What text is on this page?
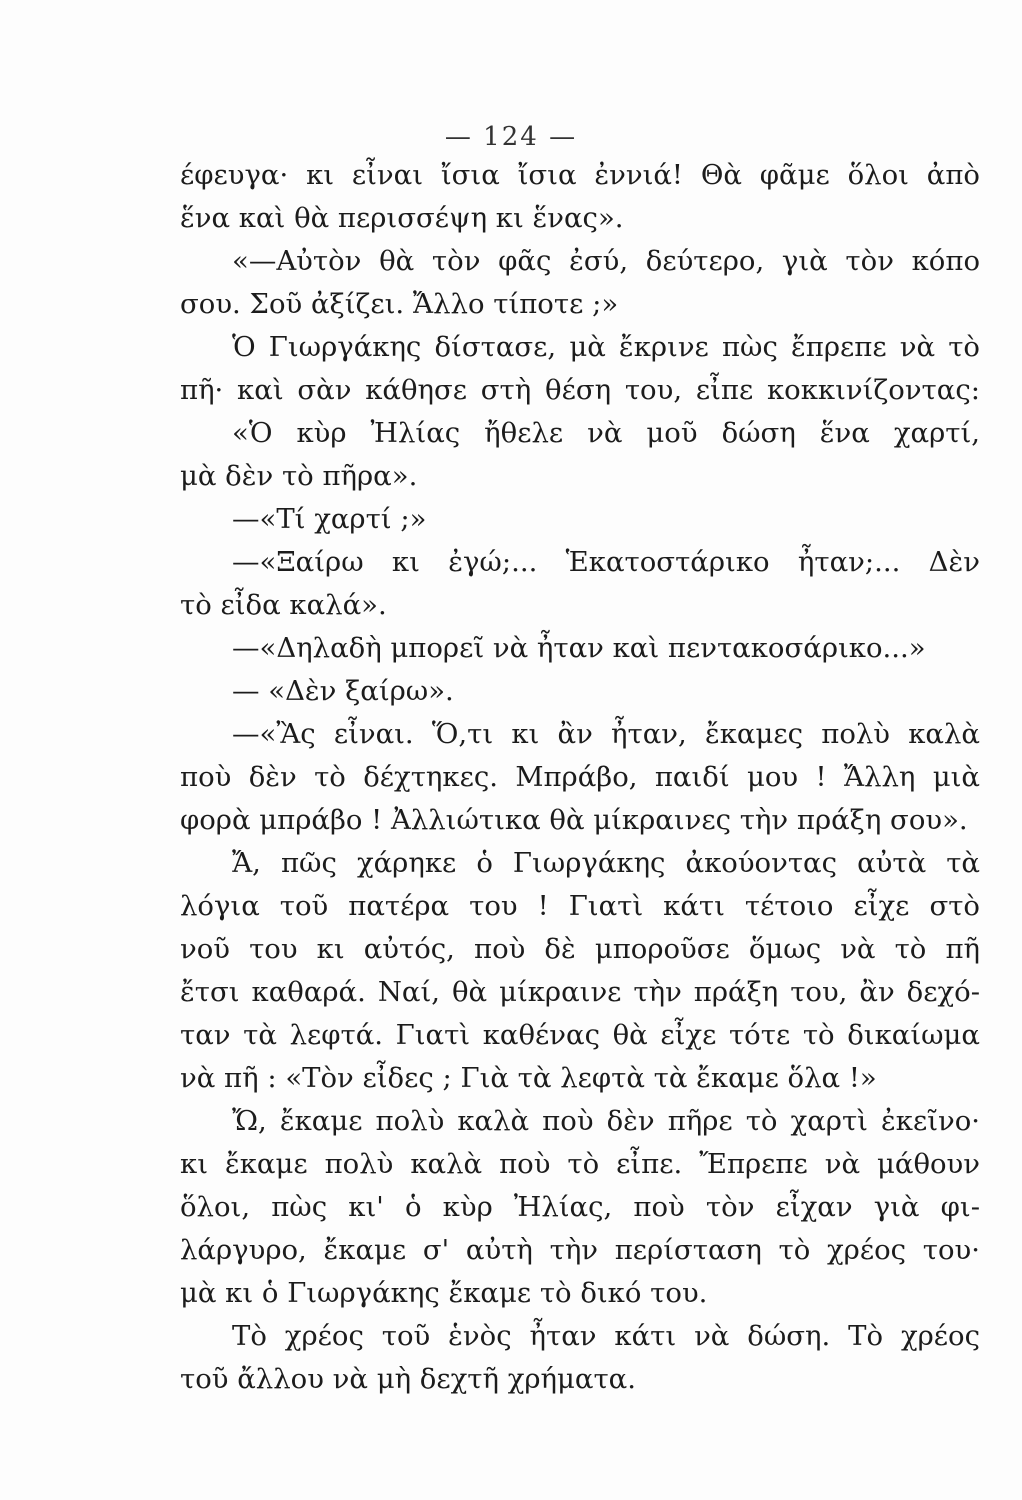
— 124 —
έφευγα· κι εἶναι ἴσια ἴσια ἐννιά! Θὰ φᾶμε ὅλοι ἀπὸ
ἕνα καὶ θὰ περισσέψη κι ἕνας».
«—Αὐτὸν θὰ τὸν φᾶς ἐσύ, δεύτερο, γιὰ τὸν κόπο
σου. Σοῦ ἀξίζει. Ἄλλο τίποτε ;»
Ὁ Γιωργάκης δίστασε, μὰ ἔκρινε πὼς ἔπρεπε νὰ τὸ
πῆ· καὶ σὰν κάθησε στὴ θέση του, εἶπε κοκκινίζοντας:
«Ὁ κὺρ Ἠλίας ἤθελε νὰ μοῦ δώση ἕνα χαρτί,
μὰ δὲν τὸ πῆρα».
—«Τί χαρτί ;»
—«Ξαίρω κι ἐγώ;... Ἑκατοστάρικο ἦταν;... Δὲν
τὸ εἶδα καλά».
—«Δηλαδὴ μπορεῖ νὰ ἦταν καὶ πεντακοσάρικο...»
— «Δὲν ξαίρω».
—«Ἂς εἶναι. Ὅ,τι κι ἂν ἦταν, ἔκαμες πολὺ καλὰ
ποὺ δὲν τὸ δέχτηκες. Μπράβο, παιδί μου ! Ἄλλη μιὰ
φορὰ μπράβο ! Ἀλλιώτικα θὰ μίκραινες τὴν πράξη σου».
Ἄ, πῶς χάρηκε ὁ Γιωργάκης ἀκούοντας αὐτὰ τὰ
λόγια τοῦ πατέρα του ! Γιατὶ κάτι τέτοιο εἶχε στὸ
νοῦ του κι αὐτός, ποὺ δὲ μποροῦσε ὅμως νὰ τὸ πῆ
ἔτσι καθαρά. Ναί, θὰ μίκραινε τὴν πράξη του, ἂν δεχό-
ταν τὰ λεφτά. Γιατὶ καθένας θὰ εἶχε τότε τὸ δικαίωμα
νὰ πῆ : «Τὸν εἶδες ; Γιὰ τὰ λεφτὰ τὰ ἔκαμε ὅλα !»
Ὤ, ἔκαμε πολὺ καλὰ ποὺ δὲν πῆρε τὸ χαρτὶ ἐκεῖνο·
κι ἔκαμε πολὺ καλὰ ποὺ τὸ εἶπε. Ἔπρεπε νὰ μάθουν
ὅλοι, πὼς κι' ὁ κὺρ Ἠλίας, ποὺ τὸν εἶχαν γιὰ φι-
λάργυρο, ἔκαμε σ' αὐτὴ τὴν περίσταση τὸ χρέος του·
μὰ κι ὁ Γιωργάκης ἔκαμε τὸ δικό του.
Τὸ χρέος τοῦ ἑνὸς ἦταν κάτι νὰ δώση. Τὸ χρέος
τοῦ ἄλλου νὰ μὴ δεχτῆ χρήματα.
